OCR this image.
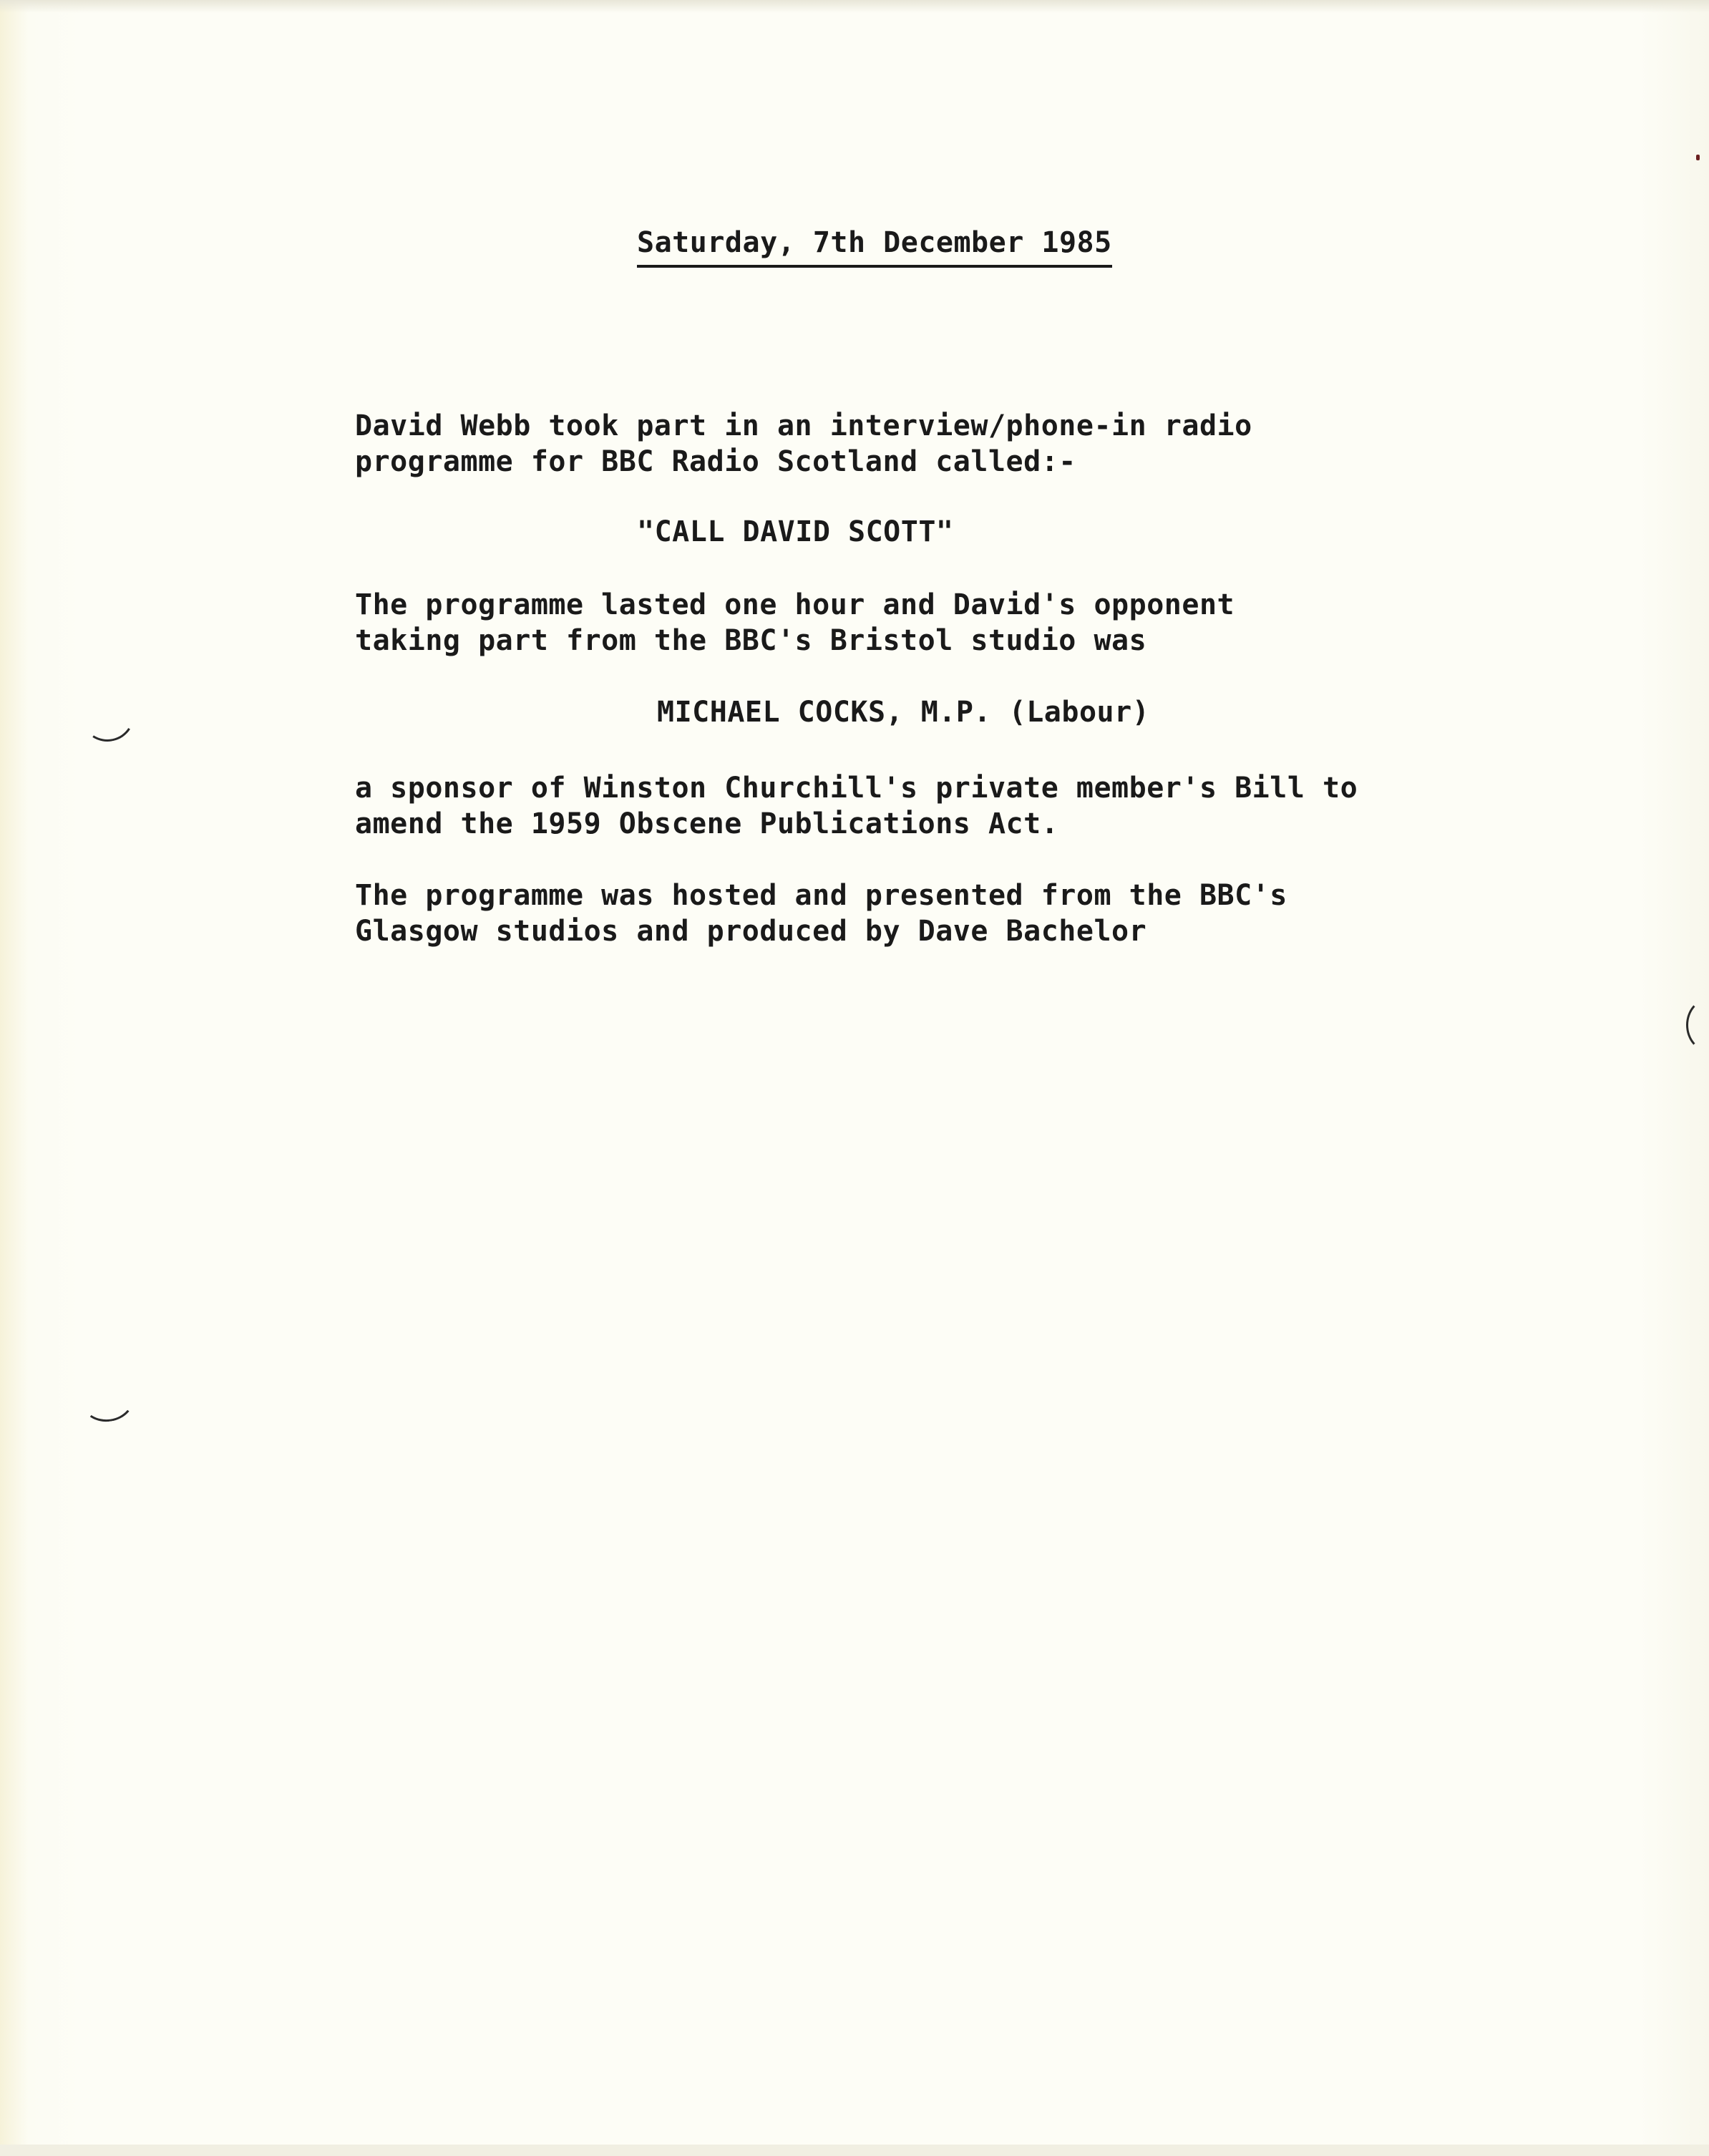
Saturday, 7th December 1985
David Webb took part in an interview/phone-in radio
programme for BBC Radio Scotland called:-
"CALL DAVID SCOTT"
The programme lasted one hour and David's opponent
taking part from the BBC's Bristol studio was
MICHAEL COCKS, M.P. (Labour)
a sponsor of Winston Churchill's private member's Bill to
amend the 1959 Obscene Publications Act.
The programme was hosted and presented from the BBC's
Glasgow studios and produced by Dave Bachelor
